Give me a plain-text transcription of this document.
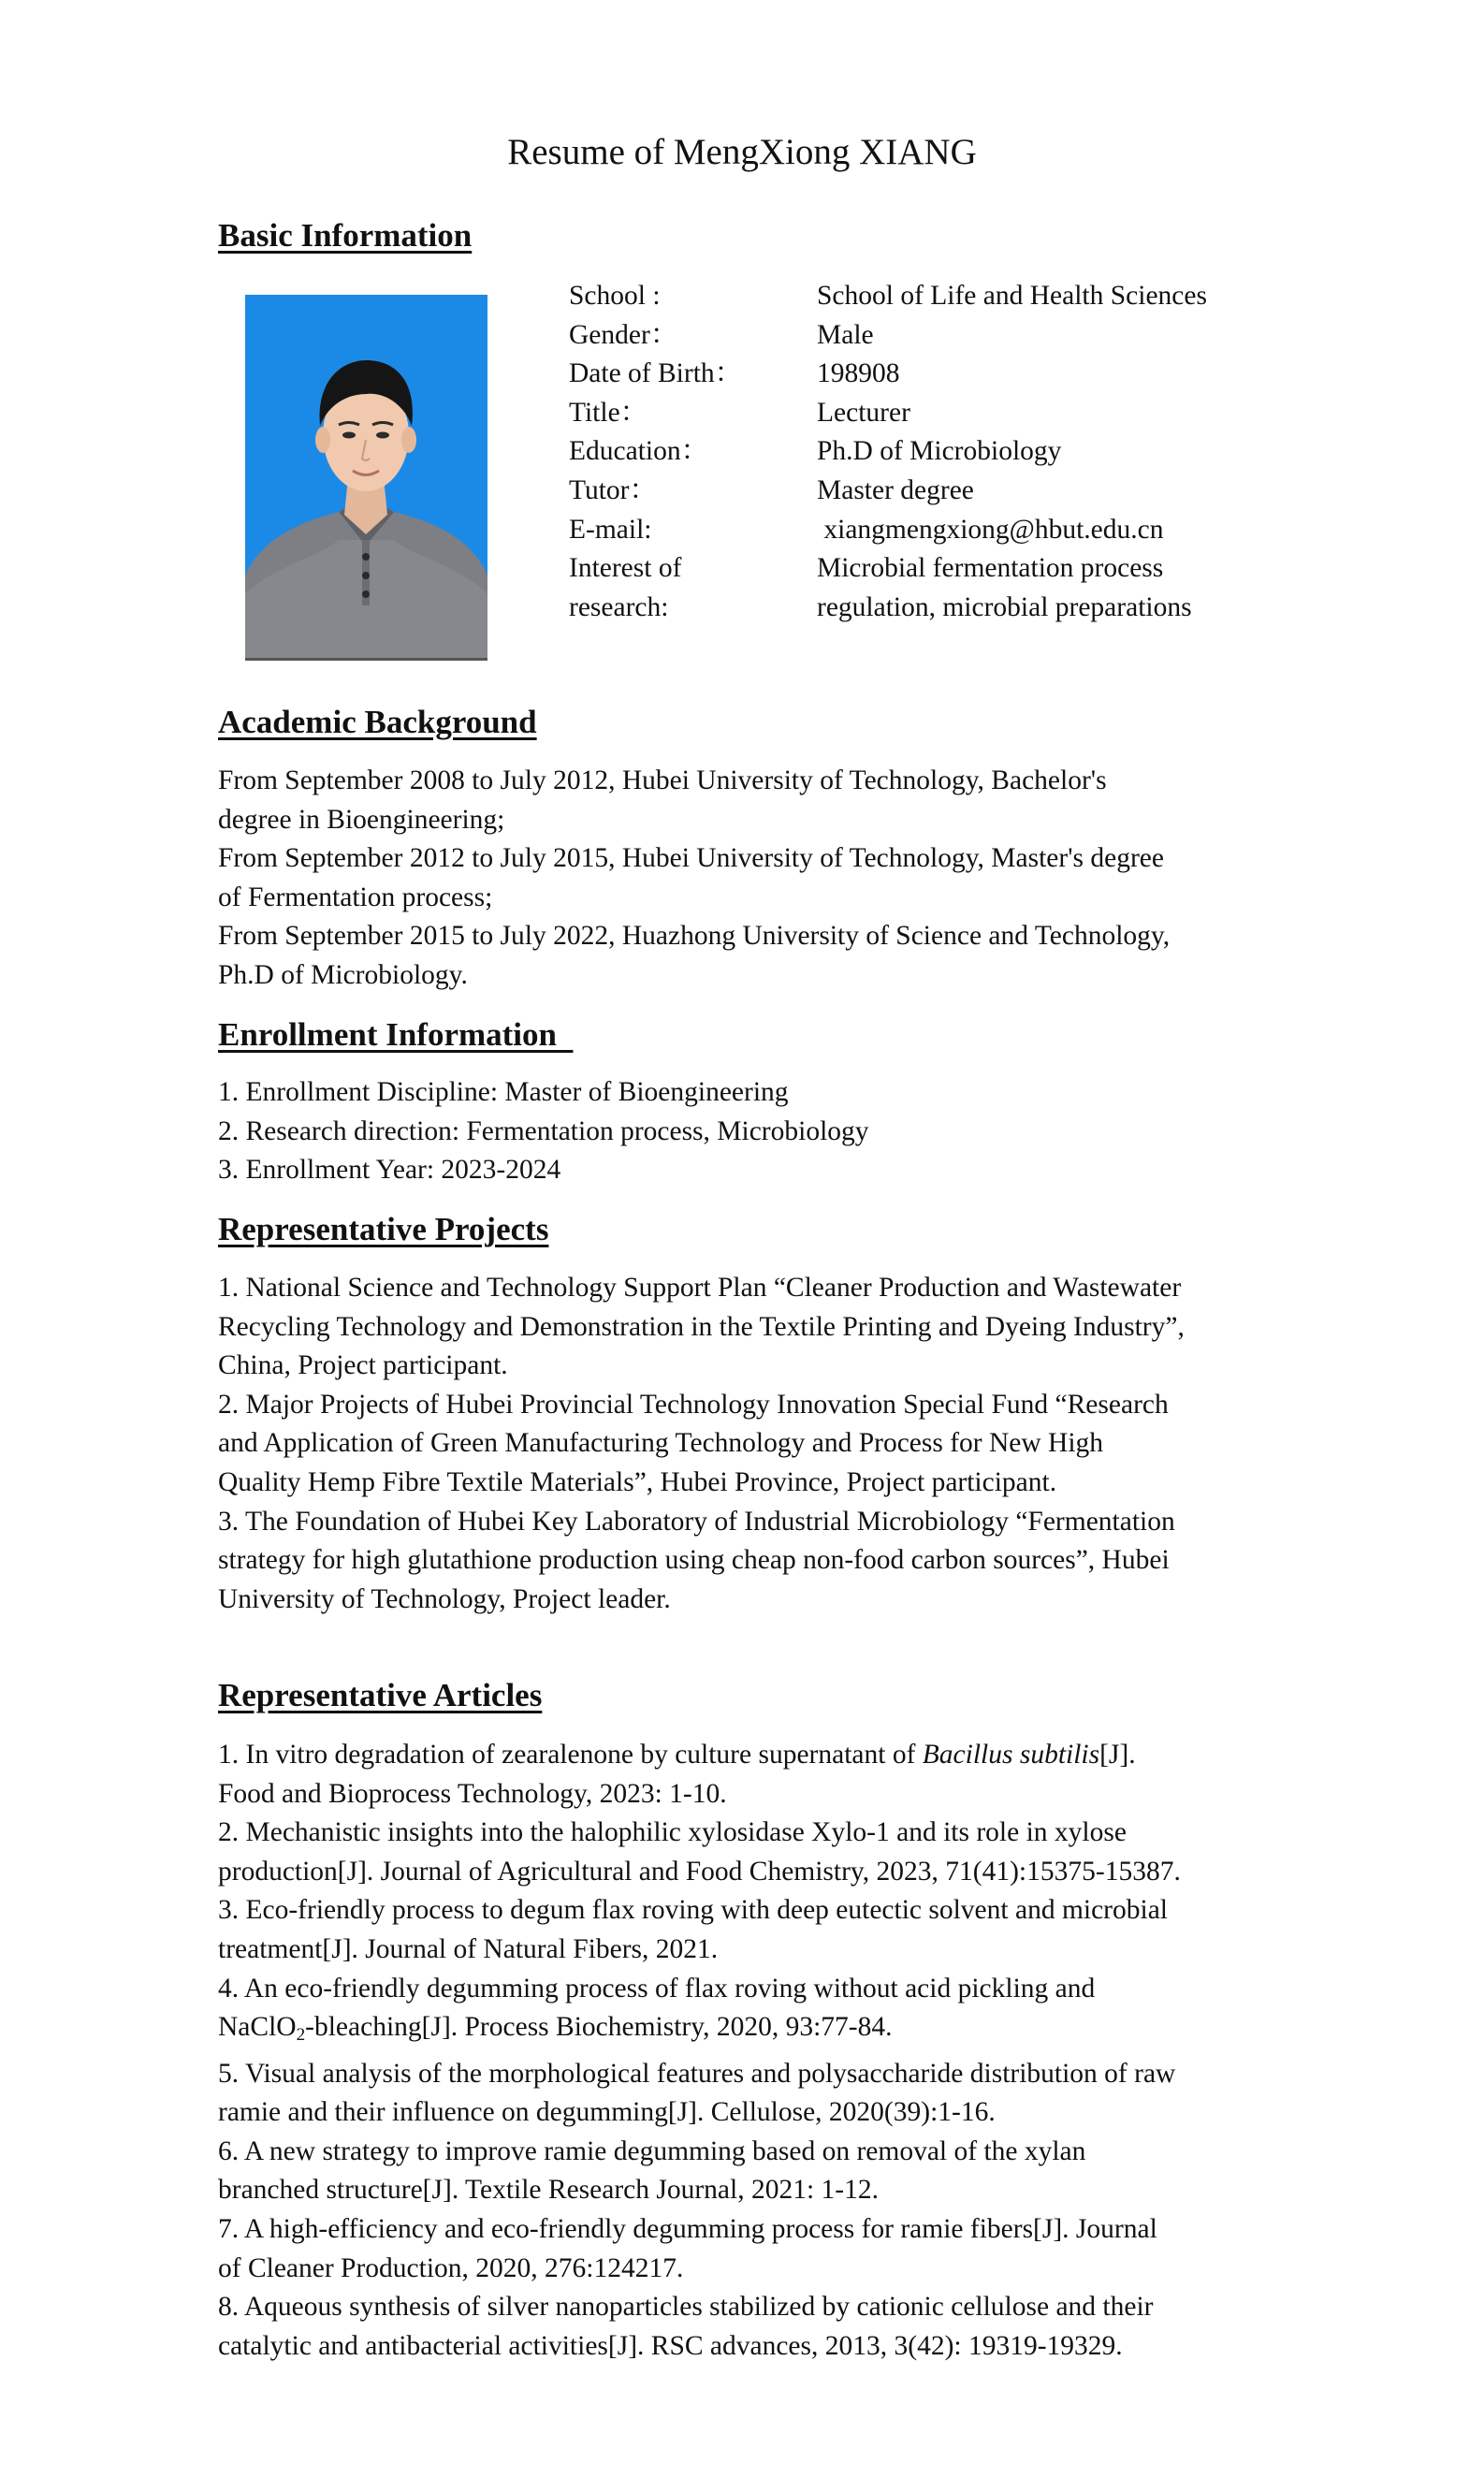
Resume of MengXiong XIANG
Basic Information
School :	School of Life and Health Sciences
Gender：	Male
Date of Birth：	198908
Title：	Lecturer
Education：	Ph.D of Microbiology
Tutor：	Master degree
E-mail:	xiangmengxiong@hbut.edu.cn
Interest of	Microbial fermentation process
research:	regulation, microbial preparations
Academic Background

From September 2008 to July 2012, Hubei University of Technology, Bachelor's

degree in Bioengineering;

From September 2012 to July 2015, Hubei University of Technology, Master's degree

of Fermentation process;

From September 2015 to July 2022, Huazhong University of Science and Technology,

Ph.D of Microbiology.

Enrollment Information

1. Enrollment Discipline: Master of Bioengineering

2. Research direction: Fermentation process, Microbiology

3. Enrollment Year: 2023-2024

Representative Projects

1. National Science and Technology Support Plan “Cleaner Production and Wastewater

Recycling Technology and Demonstration in the Textile Printing and Dyeing Industry”,

China, Project participant.

2. Major Projects of Hubei Provincial Technology Innovation Special Fund “Research

and Application of Green Manufacturing Technology and Process for New High

Quality Hemp Fibre Textile Materials”, Hubei Province, Project participant.

3. The Foundation of Hubei Key Laboratory of Industrial Microbiology “Fermentation

strategy for high glutathione production using cheap non-food carbon sources”, Hubei

University of Technology, Project leader.

Representative Articles

1. In vitro degradation of zearalenone by culture supernatant of Bacillus subtilis[J].

Food and Bioprocess Technology, 2023: 1-10.

2. Mechanistic insights into the halophilic xylosidase Xylo-1 and its role in xylose

production[J]. Journal of Agricultural and Food Chemistry, 2023, 71(41):15375-15387.

3. Eco-friendly process to degum flax roving with deep eutectic solvent and microbial

treatment[J]. Journal of Natural Fibers, 2021.

4. An eco-friendly degumming process of flax roving without acid pickling and

NaClO$_2$-bleaching[J]. Process Biochemistry, 2020, 93:77-84.

5. Visual analysis of the morphological features and polysaccharide distribution of raw

ramie and their influence on degumming[J]. Cellulose, 2020(39):1-16.

6. A new strategy to improve ramie degumming based on removal of the xylan

branched structure[J]. Textile Research Journal, 2021: 1-12.

7. A high-efficiency and eco-friendly degumming process for ramie fibers[J]. Journal

of Cleaner Production, 2020, 276:124217.

8. Aqueous synthesis of silver nanoparticles stabilized by cationic cellulose and their

catalytic and antibacterial activities[J]. RSC advances, 2013, 3(42): 19319-19329.
